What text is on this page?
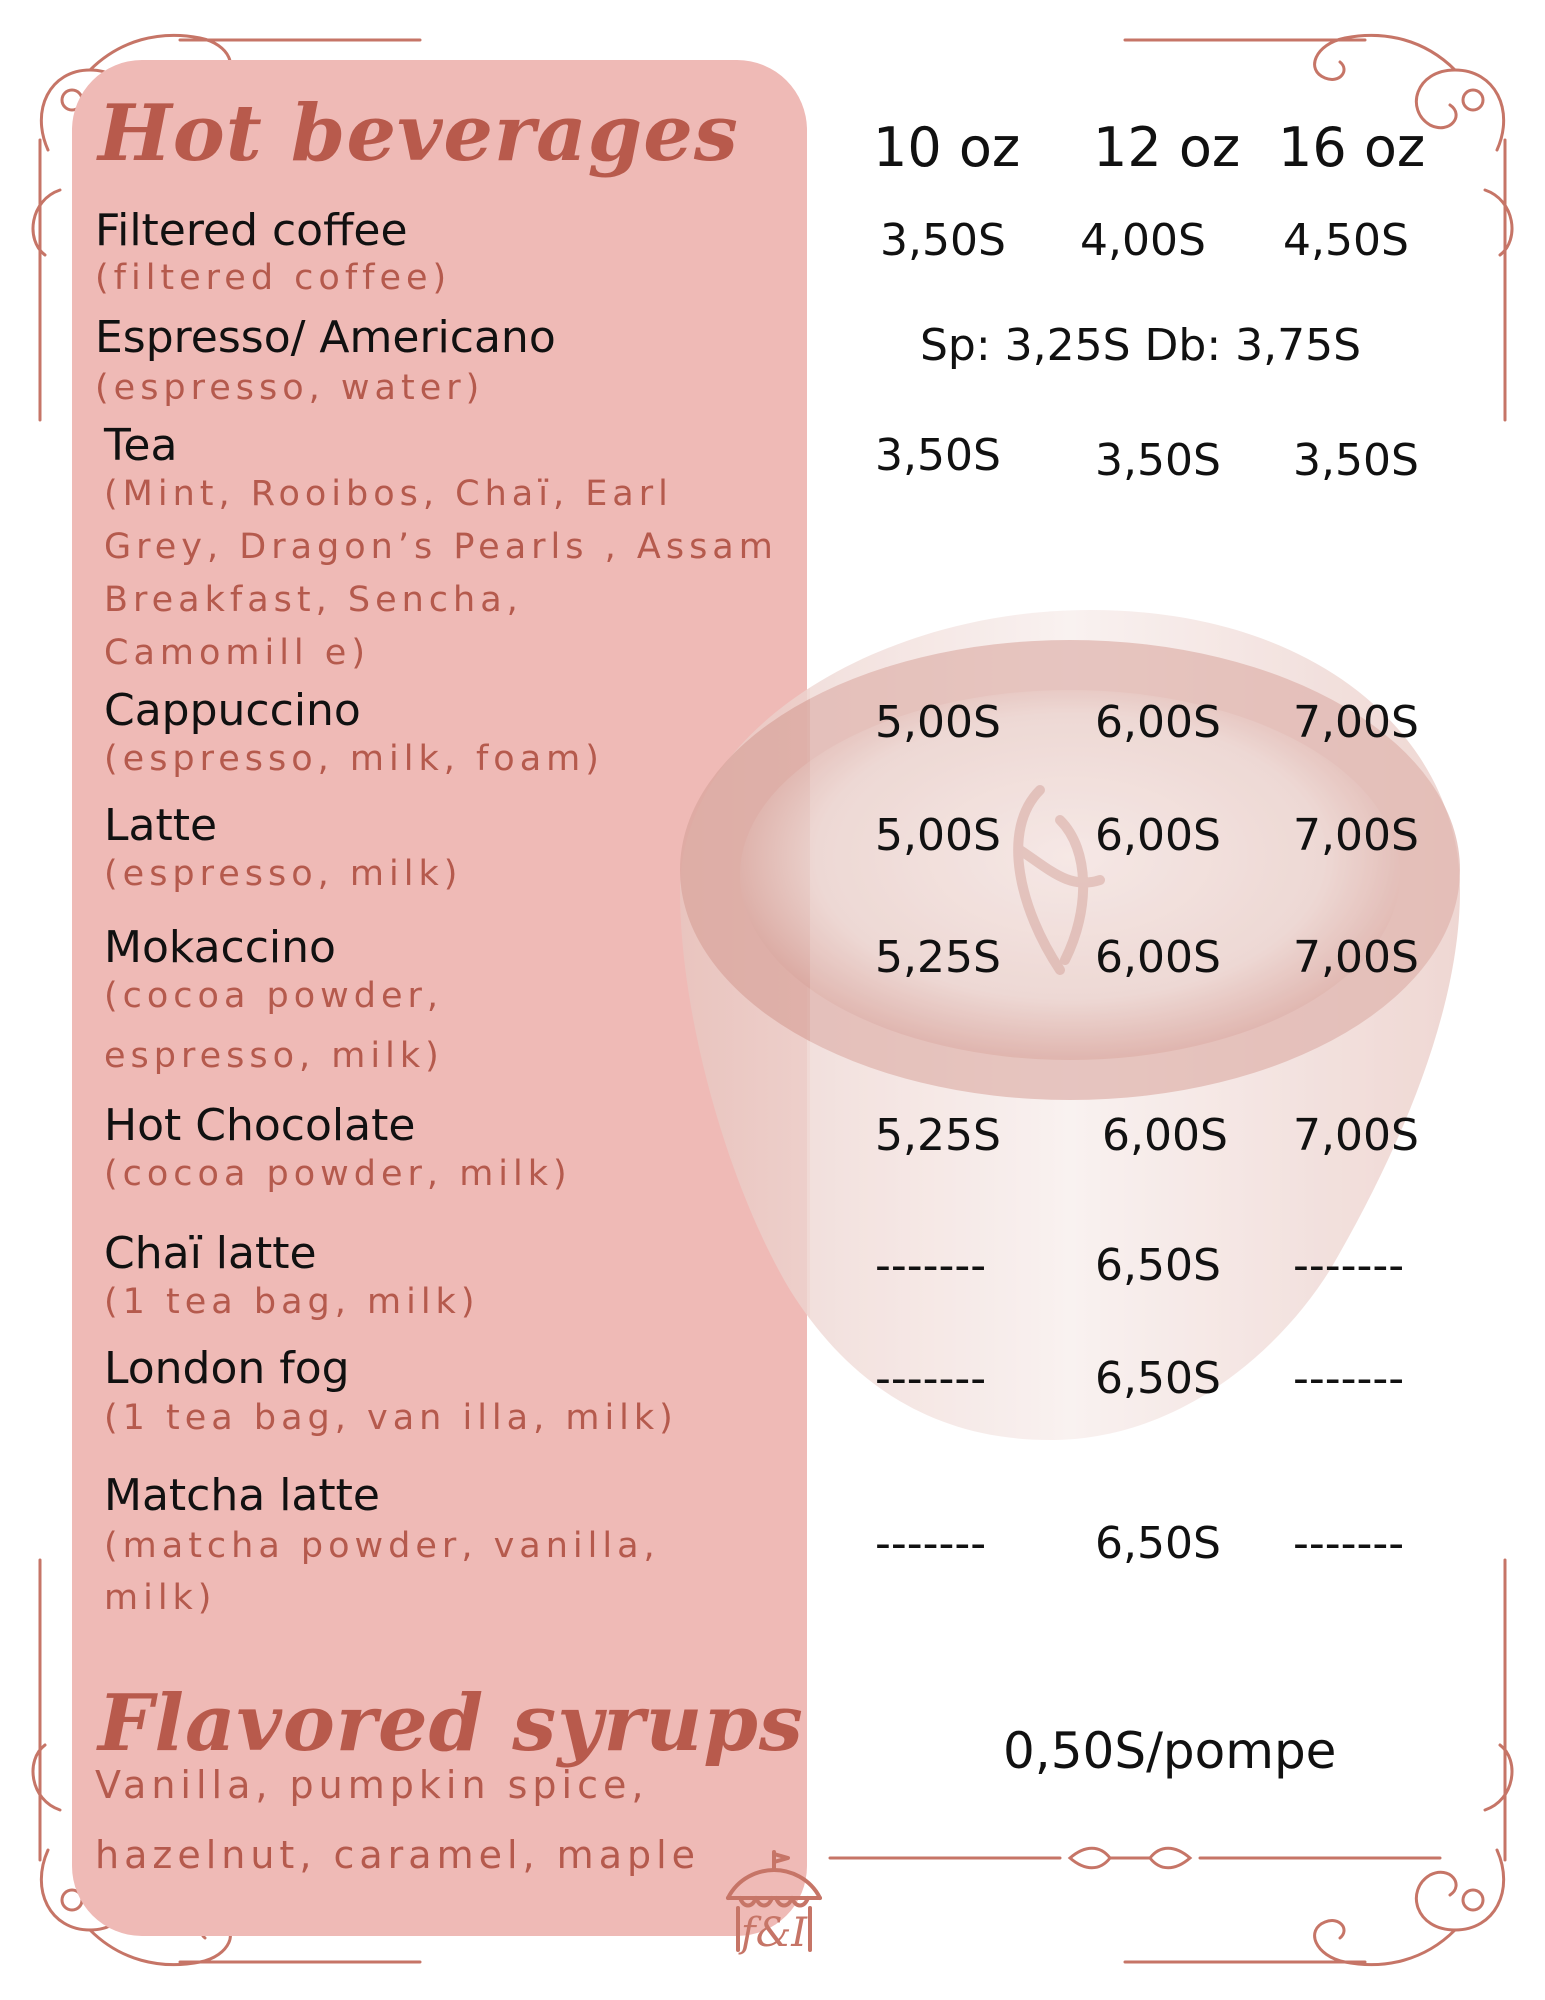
Hot beverages
Flavored syrups
10 oz 12 oz 16 oz
Filtered coffee
(filtered coffee)
3,50S 4,00S 4,50S
Espresso/ Americano
(espresso, water)
Sp: 3,25S Db: 3,75S
Tea
(Mint, Rooibos, Chaï, Earl
Grey, Dragon’s Pearls , Assam
Breakfast, Sencha,
Camomill e)
3,50S 3,50S 3,50S
Cappuccino
(espresso, milk, foam)
5,00S 6,00S 7,00S
Latte
(espresso, milk)
5,00S 6,00S 7,00S
Mokaccino
(cocoa powder,
espresso, milk)
5,25S 6,00S 7,00S
Hot Chocolate
(cocoa powder, milk)
5,25S 6,00S 7,00S
Chaï latte
(1 tea bag, milk)
------- 6,50S -------
London fog
(1 tea bag, van illa, milk)
------- 6,50S -------
Matcha latte
(matcha powder, vanilla,
milk)
------- 6,50S -------
Vanilla, pumpkin spice,
hazelnut, caramel, maple
0,50S/pompe
f&I
